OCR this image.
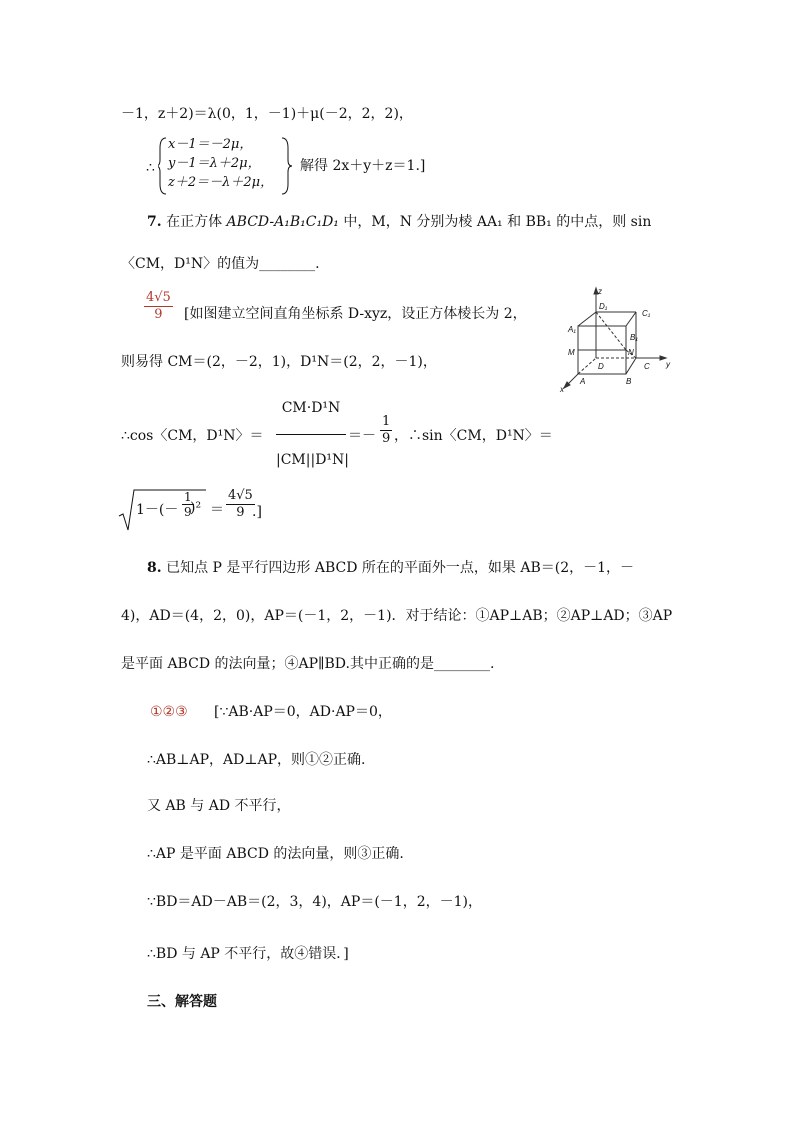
－1，z＋2)＝λ(0，1，－1)＋μ(－2，2，2)，
∴
x－1＝－2μ，
y－1＝λ＋2μ，
z＋2＝－λ＋2μ，
解得 2x＋y＋z＝1.]
7. 在正方体 ABCD-A₁B₁C₁D₁ 中，M，N 分别为棱 AA₁ 和 BB₁ 的中点，则 sin
〈CM，D¹N〉的值为________.
$\frac{4√5}{9}$ [如图建立空间直角坐标系 D-xyz，设正方体棱长为 2，
则易得 CM＝(2，－2，1)，D¹N＝(2，2，－1)，
∴cos〈CM，D¹N〉＝
CM·D¹N
|CM||D¹N|
＝－ $\frac{1}{9}$ ，∴sin〈CM，D¹N〉＝
$1-(- \frac{1}{9}$
)$^2 = \frac{4√5}{9}$
.]
z
D₁
C₁
A₁
B₁
M	N
D	C y
x
A	B
8. 已知点 P 是平行四边形 ABCD 所在的平面外一点，如果 AB＝(2，－1，－
4)，AD＝(4，2，0)，AP＝(－1，2，－1)．对于结论：①AP⊥AB；②AP⊥AD；③AP
是平面 ABCD 的法向量；④AP∥BD.其中正确的是________.
①②③ [∵AB·AP＝0，AD·AP＝0，
∴AB⊥AP，AD⊥AP，则①②正确.
又 AB 与 AD 不平行，
∴AP 是平面 ABCD 的法向量，则③正确.
∵BD＝AD－AB＝(2，3，4)，AP＝(－1，2，－1)，
∴BD 与 AP 不平行，故④错误．]
三、解答题
